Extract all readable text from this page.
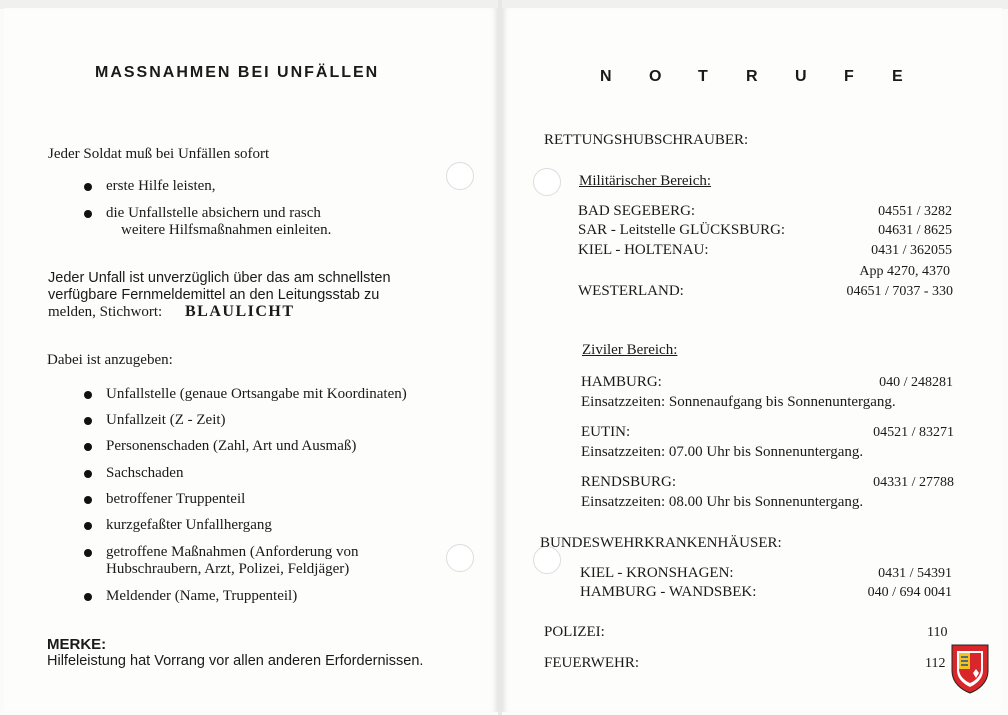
MASSNAHMEN BEI UNFÄLLEN
Jeder Soldat muß bei Unfällen sofort
erste Hilfe leisten,
die Unfallstelle absichern und rasch
weitere Hilfsmaßnahmen einleiten.
Jeder Unfall ist unverzüglich über das am schnellsten
verfügbare Fernmeldemittel an den Leitungsstab zu
melden, Stichwort: BLAULICHT
Dabei ist anzugeben:
Unfallstelle (genaue Ortsangabe mit Koordinaten)
Unfallzeit (Z - Zeit)
Personenschaden (Zahl, Art und Ausmaß)
Sachschaden
betroffener Truppenteil
kurzgefaßter Unfallhergang
getroffene Maßnahmen (Anforderung von
Hubschraubern, Arzt, Polizei, Feldjäger)
Meldender (Name, Truppenteil)
MERKE:
Hilfeleistung hat Vorrang vor allen anderen Erfordernissen.
N O T R U F E
RETTUNGSHUBSCHRAUBER:
Militärischer Bereich:
BAD SEGEBERG:	04551 / 3282
SAR - Leitstelle GLÜCKSBURG:	04631 / 8625
KIEL - HOLTENAU:	0431 / 362055
App 4270, 4370
WESTERLAND:	04651 / 7037 - 330
Ziviler Bereich:
HAMBURG:	040 / 248281
Einsatzzeiten: Sonnenaufgang bis Sonnenuntergang.
EUTIN:	04521 / 83271
Einsatzzeiten: 07.00 Uhr bis Sonnenuntergang.
RENDSBURG:	04331 / 27788
Einsatzzeiten: 08.00 Uhr bis Sonnenuntergang.
BUNDESWEHRKRANKENHÄUSER:
KIEL - KRONSHAGEN:	0431 / 54391
HAMBURG - WANDSBEK:	040 / 694 0041
POLIZEI:	110
FEUERWEHR:	112
